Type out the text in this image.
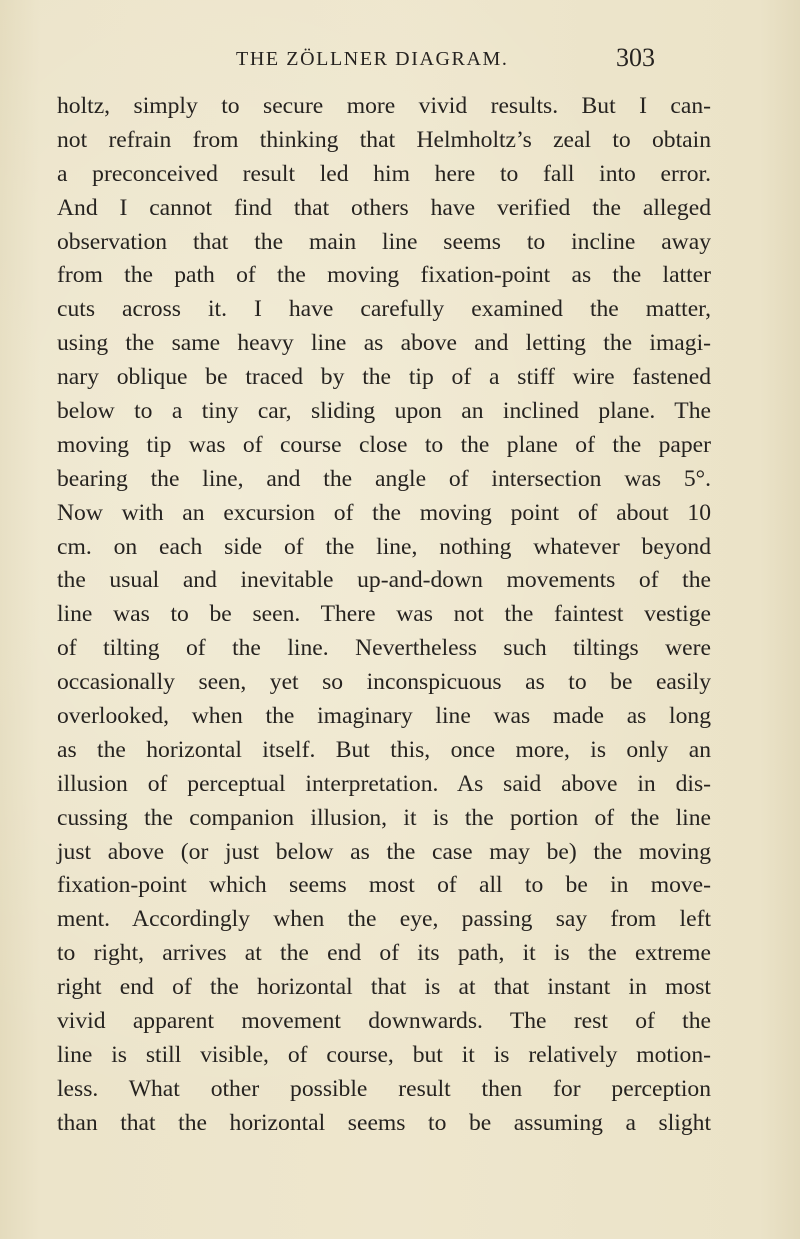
THE ZÖLLNER DIAGRAM.	303
holtz, simply to secure more vivid results. But I can-
not refrain from thinking that Helmholtz’s zeal to obtain
a preconceived result led him here to fall into error.
And I cannot find that others have verified the alleged
observation that the main line seems to incline away
from the path of the moving fixation-point as the latter
cuts across it. I have carefully examined the matter,
using the same heavy line as above and letting the imagi-
nary oblique be traced by the tip of a stiff wire fastened
below to a tiny car, sliding upon an inclined plane. The
moving tip was of course close to the plane of the paper
bearing the line, and the angle of intersection was 5°.
Now with an excursion of the moving point of about 10
cm. on each side of the line, nothing whatever beyond
the usual and inevitable up-and-down movements of the
line was to be seen. There was not the faintest vestige
of tilting of the line. Nevertheless such tiltings were
occasionally seen, yet so inconspicuous as to be easily
overlooked, when the imaginary line was made as long
as the horizontal itself. But this, once more, is only an
illusion of perceptual interpretation. As said above in dis-
cussing the companion illusion, it is the portion of the line
just above (or just below as the case may be) the moving
fixation-point which seems most of all to be in move-
ment. Accordingly when the eye, passing say from left
to right, arrives at the end of its path, it is the extreme
right end of the horizontal that is at that instant in most
vivid apparent movement downwards. The rest of the
line is still visible, of course, but it is relatively motion-
less. What other possible result then for perception
than that the horizontal seems to be assuming a slight
